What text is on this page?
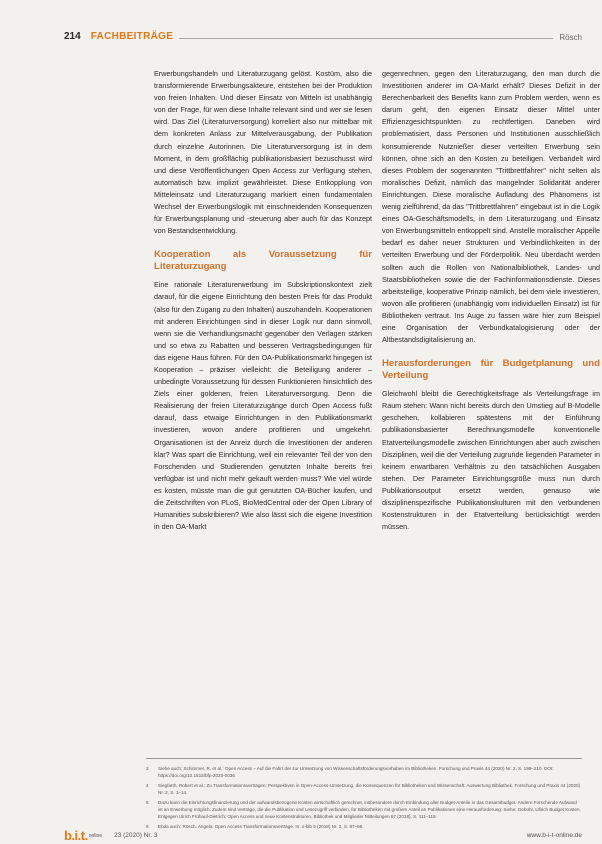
214 FACHBEITRÄGE	Rösch

Erwerbungshandeln und Literaturzugang gelöst. Kostüm, also die transformierende Erwerbungsakteure, entstehen bei der Produktion von freien Inhalten. Und dieser Einsatz von Mitteln ist unabhängig von der Frage, für wen diese Inhalte relevant sind und wer sie lesen wird. Das Ziel (Literaturversorgung) korreliert also nur mittelbar mit dem konkreten Anlass zur Mittelverausgabung, der Publikation durch einzelne Autorinnen. Die Literaturversorgung ist in dem Moment, in dem großflächig publikationsbasiert bezuschusst wird und diese Veröffentlichungen Open Access zur Verfügung stehen, automatisch bzw. implizit gewährleistet. Diese Entkopplung von Mitteleinsatz und Literaturzugang markiert einen fundamentalen Wechsel der Erwerbungslogik mit einschneidenden Konsequenzen für Erwerbungsplanung und -steuerung aber auch für das Konzept von Bestandsentwicklung.

Kooperation als Voraussetzung für Literaturzugang

Eine rationale Literaturerwerbung im Subskriptionskontext zielt darauf, für die eigene Einrichtung den besten Preis für das Produkt (also für den Zugang zu den Inhalten) auszuhandeln. Kooperationen mit anderen Einrichtungen sind in dieser Logik nur dann sinnvoll, wenn sie die Verhandlungsmacht gegenüber den Verlagen stärken und so etwa zu Rabatten und besseren Vertragsbedingungen für das eigene Haus führen. Für den OA-Publikationsmarkt hingegen ist Kooperation – präziser vielleicht: die Beteiligung anderer – unbedingte Voraussetzung für dessen Funktionieren hinsichtlich des Ziels einer goldenen, freien Literaturversorgung. Denn die Realisierung der freien Literaturzugänge durch Open Access fußt darauf, dass etwaige Einrichtungen in den Publikationsmarkt investieren, wovon andere profitieren und umgekehrt. Organisationen ist der Anreiz durch die Investitionen der anderen klar? Was spart die Einrichtung, weil ein relevanter Teil der von den Forschenden und Studierenden genutzten Inhalte bereits frei verfügbar ist und nicht mehr gekauft werden muss? Wie viel würde es kosten, müsste man die gut genutzten OA-Bücher kaufen, und die Zeitschriften von PLoS, BioMedCentral oder der Open Library of Humanities subskribieren? Wie also lässt sich die eigene Investition in den OA-Markt

gegenrechnen, gegen den Literaturzugang, den man durch die Investitionen anderer im OA-Markt erhält? Dieses Defizit in der Berechenbarkeit des Benefits kann zum Problem werden, wenn es darum geht, den eigenen Einsatz dieser Mittel unter Effizienzgesichtspunkten zu rechtfertigen. Daneben wird problematisiert, dass Personen und Institutionen ausschließlich konsumierende Nutznießer dieser verteilten Erwerbung sein können, ohne sich an den Kosten zu beteiligen. Verbandelt wird dieses Problem der sogenannten "Trittbrettfahrer" nicht selten als moralisches Defizit, nämlich das mangelnder Solidarität anderer Einrichtungen. Diese moralische Aufladung des Phänomens ist wenig zielführend, da das "Trittbrettfahren" eingebaut ist in die Logik eines OA-Geschäftsmodells, in dem Literaturzugang und Einsatz von Erwerbungsmitteln entkoppelt sind. Anstelle moralischer Appelle bedarf es daher neuer Strukturen und Verbindlichkeiten in der verteilten Erwerbung und der Förderpolitik. Neu überdacht werden sollten auch die Rollen von Nationalbibliothek, Landes- und Staatsbibliotheken sowie die der Fachinformationsdienste. Dieses arbeitsteilige, kooperative Prinzip nämlich, bei dem viele investieren, wovon alle profitieren (unabhängig vom individuellen Einsatz) ist für Bibliotheken vertraut. Ins Auge zu fassen wäre hier zum Beispiel eine Organisation der Verbundkatalogisierung oder der Altbestandsdigitalisierung an.

Herausforderungen für Budgetplanung und Verteilung

Gleichwohl bleibt die Gerechtigkeitsfrage als Verteilungsfrage im Raum stehen: Wann nicht bereits durch den Umstieg auf B-Modelle geschehen, kollabieren spätestens mit der Einführung publikationsbasierter Berechnungsmodelle konventionelle Etatverteilungsmodelle zwischen Einrichtungen aber auch zwischen Disziplinen, weil die der Verteilung zugrunde liegenden Parameter in keinem erwartbaren Verhältnis zu den tatsächlichen Ausgaben stehen. Der Parameter Einrichtungsgröße muss nun durch Publikationsoutput ersetzt werden, genauso wie disziplinenspezifische Publikationskulturen mit den verbundenen Kostenstrukturen in der Etatverteilung berücksichtigt werden müssen.

3	Siehe auch: Schimmer, R. et al.: Open Access – Auf die Fahrt der zur Umsetzung von Wissenschaftsförderungsvorhaben im Bibliotheken. Forschung und Praxis 44 (2020) Nr. 2, S. 199–210. DOI: https://doi.org/10.1515/bfp-2020-0036
4	Siegfarth, Robert et al.: Zu Transformationsverträgen: Perspektiven in Open-Access-Umsetzung, die Konsequenzen für Bibliotheken und Wissenschaft. Auswertung Bibliothek, Forschung und Praxis 44 (2020) Nr. 2, S. 1–14.
5	Dazu kann die Einrichtungsfinanzierung und der aufwandsbezogene Kosten wirtschaftlich gerechnet, insbesondere durch Einbindung aller Budget-Anteile in das Gesamtbudget. Andere Forschende Aufwand ist an Erwerbung möglich. Zudem sind Verträge, die die Publikation und Lesezugriff verbinden, für Bibliotheken mit großem Anteil an Publikationen eine Herausforderung. Siehe: Gebühr, Ullrich Budget Kosten. Entgegen Ulrich Frühauf-Dietrich: Open Access und neue Kostenstrukturen, Bibliothek und Mitglieder Mitteilungen 57 (2018), S. 111–119.
6	Ebda auch: Rösch, Angela: Open Access Transformationsverträge. In: o-bib 5 (2018) Nr. 2, S. 97–99.
b.i.t. online 23 (2020) Nr. 3	www.b-i-t-online.de
